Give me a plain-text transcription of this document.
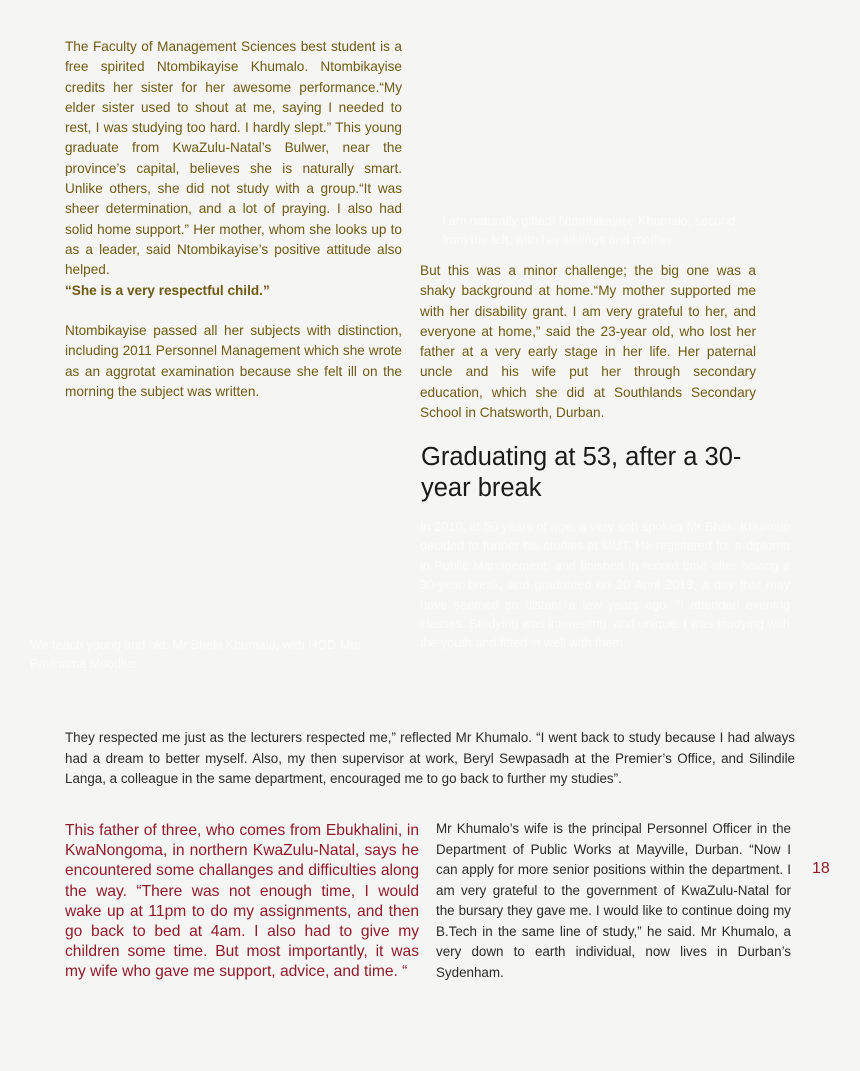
The Faculty of Management Sciences best student is a free spirited Ntombikayise Khumalo. Ntombikayise credits her sister for her awesome performance.“My elder sister used to shout at me, saying I needed to rest, I was studying too hard. I hardly slept.” This young graduate from KwaZulu-Natal’s Bulwer, near the province’s capital, believes she is naturally smart. Unlike others, she did not study with a group.“It was sheer determination, and a lot of praying. I also had solid home support.” Her mother, whom she looks up to as a leader, said Ntombikayise’s positive attitude also helped.

“She is a very respectful child.”

Ntombikayise passed all her subjects with distinction, including 2011 Personnel Management which she wrote as an aggrotat examination because she felt ill on the morning the subject was written.

I am naturally gifted! Ntombikayise Khumalo, second from the left, with her siblings and mother

But this was a minor challenge; the big one was a shaky background at home.“My mother supported me with her disability grant. I am very grateful to her, and everyone at home,” said the 23-year old, who lost her father at a very early stage in her life. Her paternal uncle and his wife put her through secondary education, which she did at Southlands Secondary School in Chatsworth, Durban.

Graduating at 53, after a 30-year break

In 2010, at 50 years of age, a very soft spoken Mr Bheki Khumalo decided to further his studies at MUT. He registered for a diploma in Public Management, and finished in record time after having a 30-year break, and graduated on 20 April 2013, a day that may have seemed so distant a few years ago. “I attended evening classes. Studying was interesting, and unique. I was studying with the youth and fitted in well with them.

We teach young and old: Mr Bheki Khumalo, with HOD Mrs Pavinama Moodliar

They respected me just as the lecturers respected me,” reflected Mr Khumalo. “I went back to study because I had always had a dream to better myself. Also, my then supervisor at work, Beryl Sewpasadh at the Premier’s Office, and Silindile Langa, a colleague in the same department, encouraged me to go back to further my studies”.

This father of three, who comes from Ebukhalini, in KwaNongoma, in northern KwaZulu-Natal, says he encountered some challanges and difficulties along the way. “There was not enough time, I would wake up at 11pm to do my assignments, and then go back to bed at 4am. I also had to give my children some time. But most importantly, it was my wife who gave me support, advice, and time. “

Mr Khumalo’s wife is the principal Personnel Officer in the Department of Public Works at Mayville, Durban. “Now I can apply for more senior positions within the department. I am very grateful to the government of KwaZulu-Natal for the bursary they gave me. I would like to continue doing my B.Tech in the same line of study,” he said. Mr Khumalo, a very down to earth individual, now lives in Durban’s Sydenham.

18
